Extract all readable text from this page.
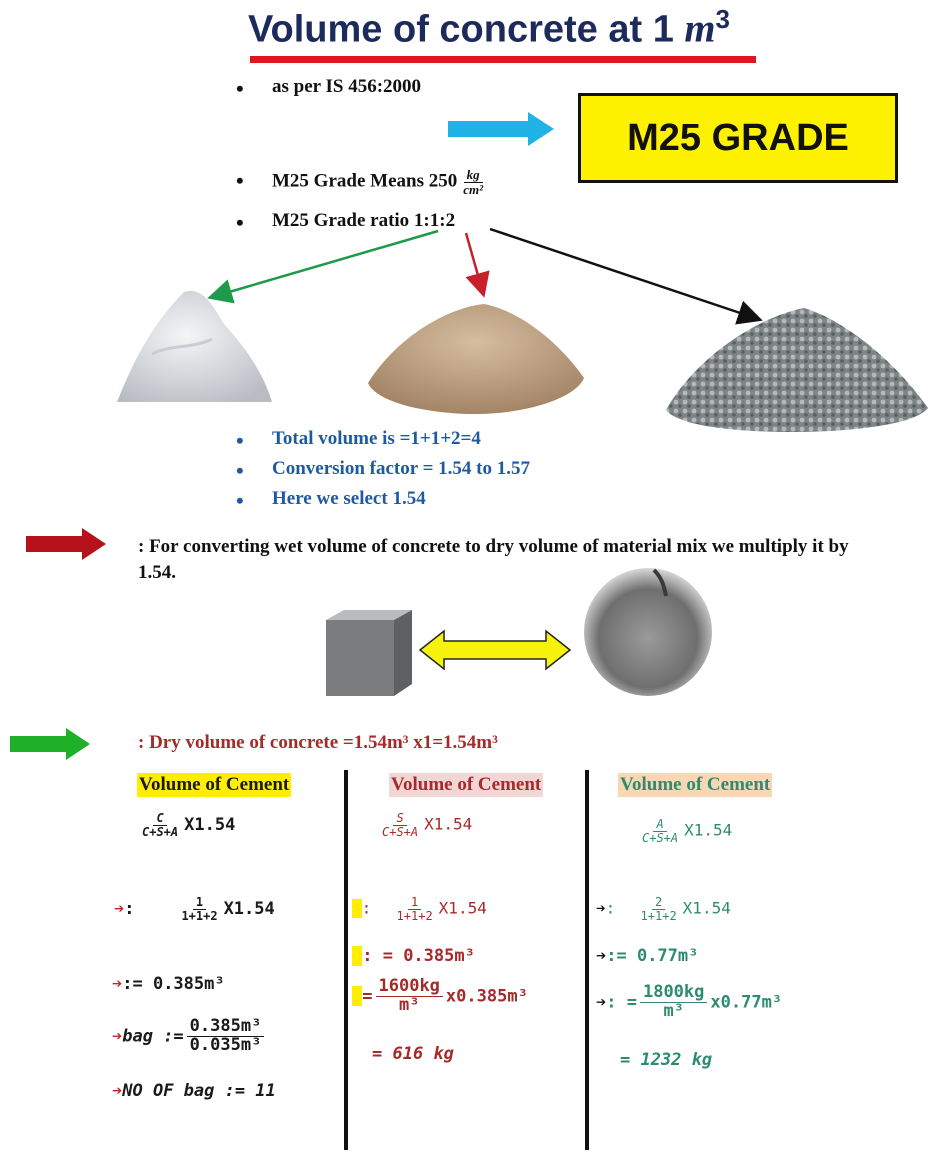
Volume of concrete at 1 $m^3$
• as per IS 456:2000
M25 GRADE
• M25 Grade Means $250 \frac{kg}{\text{cm²}}$
• M25 Grade ratio 1:1:2
• Total volume is =1+1+2=4
• Conversion factor = 1.54 to 1.57
• Here we select 1.54
: For converting wet volume of concrete to dry volume of material mix we multiply it by 1.54.
: Dry volume of concrete =1.54m³ x1=1.54m³
Volume of Cement
$\frac{C}{C+S+A} X1.54$
➔: $\frac{1}{1+1+2} X1.54$
➔:= 0.385m³
➔bag := $\frac{\text{0.385m³}}{\text{0.035m³}}$
➔NO OF bag := 11
Volume of Cement
$\frac{S}{C+S+A} X1.54$
: $\frac{1}{1+1+2} X1.54$
: = 0.385m³
= $\frac{1600kg}{\text{m³}} x0.385m^3$
= 616 kg
Volume of Cement
$\frac{A}{C+S+A} X1.54$
➔: $\frac{2}{1+1+2} X1.54$
➔:= 0.77m³
➔: = $\frac{1800kg}{\text{m³}} x0.77m^3$
= 1232 kg
